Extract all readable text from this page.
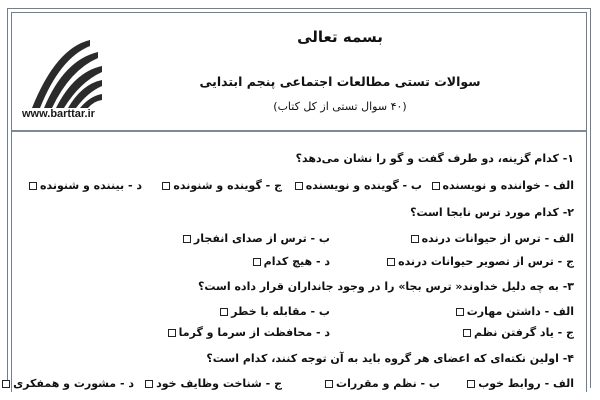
www.barttar.ir
بسمه تعالی
سوالات تستی مطالعات اجتماعی پنجم ابتدایی
(۴۰ سوال تستی از کل کتاب)
۱- کدام گزینه، دو طرف گفت و گو را نشان می‌دهد؟
الف - خواننده و نویسنده
ب - گوینده و نویسنده
ج - گوینده و شنونده
د - بیننده و شنونده
۲- کدام مورد ترس نابجا است؟
الف - ترس از حیوانات درنده
ب - ترس از صدای انفجار
ج - ترس از تصویر حیوانات درنده
د - هیچ کدام
۳- به چه دلیل خداوند« ترس بجا» را در وجود جانداران قرار داده است؟
الف - داشتن مهارت
ب - مقابله با خطر
ج - یاد گرفتن نظم
د - محافظت از سرما و گرما
۴- اولین نکته‌ای که اعضای هر گروه باید به آن توجه کنند، کدام است؟
الف - روابط خوب
ب - نظم و مقررات
ج - شناخت وظایف خود
د - مشورت و همفکری
